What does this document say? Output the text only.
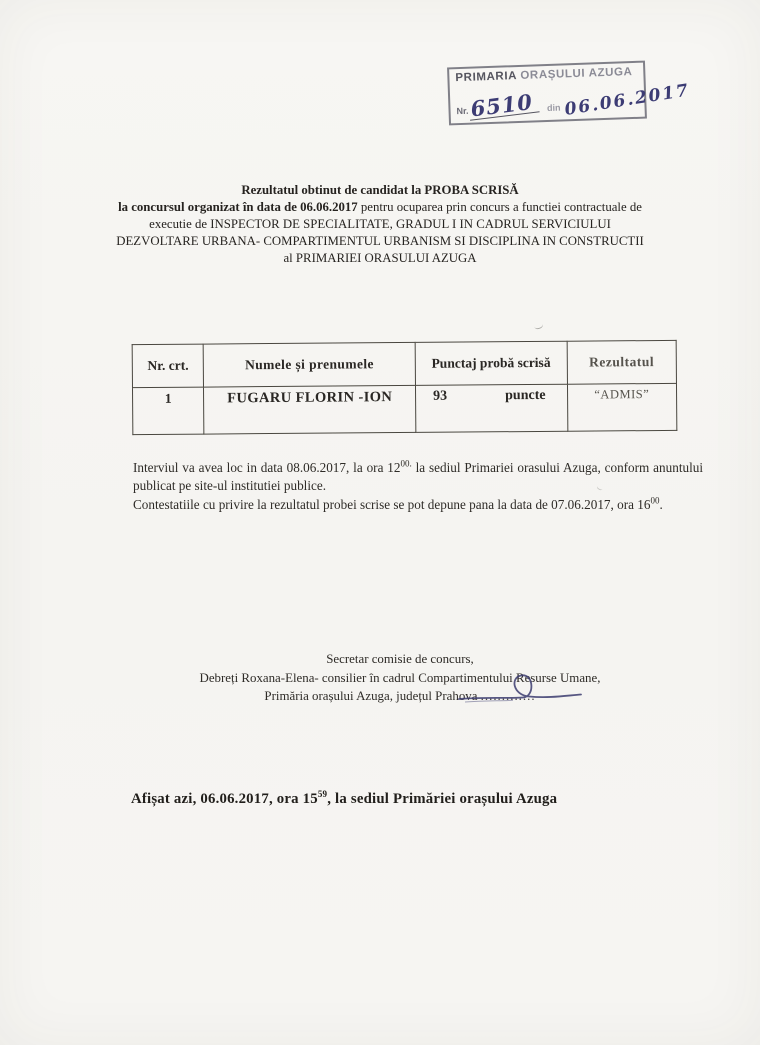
PRIMARIA ORAȘULUI AZUGA
Nr. 6510	din 06.06.2017
Rezultatul obtinut de candidat la PROBA SCRISĂ
la concursul organizat în data de 06.06.2017 pentru ocuparea prin concurs a functiei contractuale de executie de INSPECTOR DE SPECIALITATE, GRADUL I IN CADRUL SERVICIULUI DEZVOLTARE URBANA- COMPARTIMENTUL URBANISM SI DISCIPLINA IN CONSTRUCTII al PRIMARIEI ORASULUI AZUGA
Nr. crt.	Numele și prenumele	Punctaj probă scrisă	Rezultatul
1	FUGARU FLORIN -ION	93 puncte	“ADMIS”

Interviul va avea loc in data 08.06.2017, la ora $12^{00.}$ la sediul Primariei orasului Azuga, conform anuntului publicat pe site-ul institutiei publice.

Contestatiile cu privire la rezultatul probei scrise se pot depune pana la data de 07.06.2017, ora $16^{00}$.

Secretar comisie de concurs,
Debreți Roxana-Elena- consilier în cadrul Compartimentului Resurse Umane,
Primăria orașului Azuga, județul Prahova .............
Afișat azi, 06.06.2017, ora $15^{59}$, la sediul Primăriei orașului Azuga
